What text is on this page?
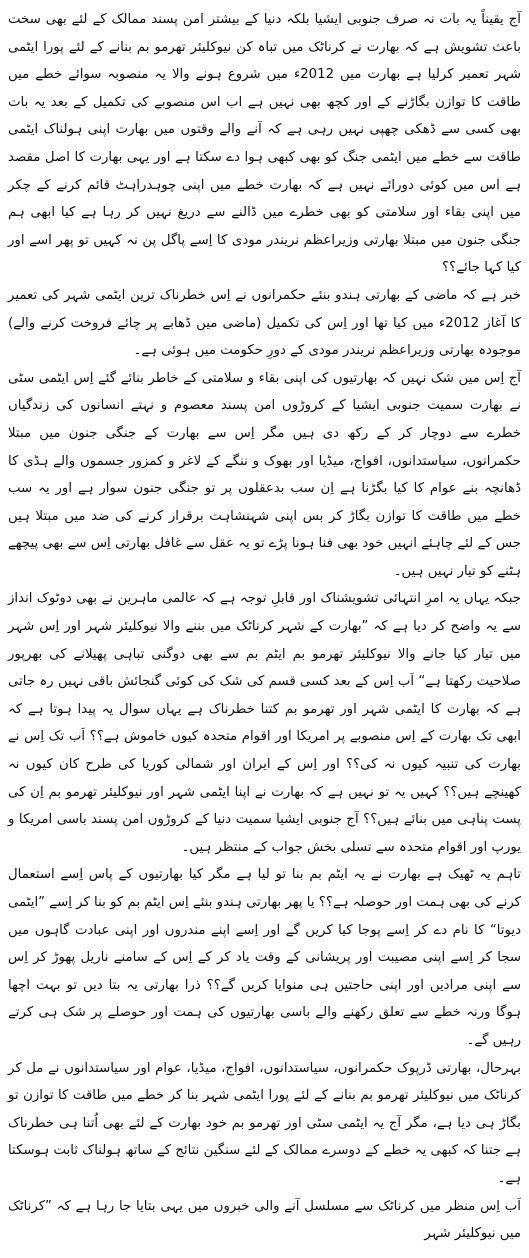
آج یقیناً یہ بات نہ صرف جنوبی ایشیا بلکہ دنیا کے بیشتر امن پسند ممالک کے لئے بھی سخت باعث تشویش ہے کہ بھارت نے کرناٹک میں تباہ کن نیوکلیئر تھرمو بم بنانے کے لئے پورا ایٹمی شہر تعمیر کرلیا ہے بھارت میں 2012ء میں شروع ہونے والا یہ منصوبہ سوائے خطے میں طاقت کا توازن بگاڑنے کے اور کچھ بھی نہیں ہے اب اس منصوبے کی تکمیل کے بعد یہ بات بھی کسی سے ڈھکی چھپی نہیں رہی ہے کہ آنے والے وقتوں میں بھارت اپنی ہولناک ایٹمی طاقت سے خطے میں ایٹمی جنگ کو بھی کبھی ہوا دے سکتا ہے اور یہی بھارت کا اصل مقصد ہے اس میں کوئی دورائے نہیں ہے کہ بھارت خطے میں اپنی چوہدراہٹ قائم کرنے کے چکر میں اپنی بقاء اور سلامتی کو بھی خطرے میں ڈالنے سے دریغ نہیں کر رہا ہے کیا ابھی ہم جنگی جنون میں مبتلا بھارتی وزیراعظم نریندر مودی کا اِسے پاگل پن نہ کہیں تو پھر اسے اور کیا کہا جائے؟؟

خبر ہے کہ ماضی کے بھارتی ہندو بنئے حکمرانوں نے اِس خطرناک ترین ایٹمی شہر کی تعمیر کا آغاز 2012ء میں کیا تھا اور اِس کی تکمیل (ماضی میں ڈھابے پر چائے فروخت کرنے والے) موجودہ بھارتی وزیراعظم نریندر مودی کے دورِ حکومت میں ہوئی ہے۔

آج اِس میں شک نہیں کہ بھارتیوں کی اپنی بقاء و سلامتی کے خاطر بنائے گئے اِس ایٹمی سٹی نے بھارت سمیت جنوبی ایشیا کے کروڑوں امن پسند معصوم و نہتے انسانوں کی زندگیاں خطرے سے دوچار کر کے رکھ دی ہیں مگر اِس سے بھارت کے جنگی جنون میں مبتلا حکمرانوں، سیاستدانوں، افواج، میڈیا اور بھوک و ننگے کے لاغر و کمزور جسموں والے ہڈی کا ڈھانچہ بنے عوام کا کیا بگڑنا ہے اِن سب بدعقلوں پر تو جنگی جنون سوار ہے اور یہ سب خطے میں طاقت کا توازن بگاڑ کر بس اپنی شہنشاہت برقرار کرنے کی ضد میں مبتلا ہیں جس کے لئے چاہئے انہیں خود بھی فنا ہونا پڑے تو یہ عقل سے غافل بھارتی اِس سے بھی پیچھے ہٹنے کو تیار نہیں ہیں۔

جبکہ یہاں یہ امرِ انتہائی تشویشناک اور قابلِ توجہ ہے کہ عالمی ماہرین نے بھی دوٹوک انداز سے یہ واضح کر دیا ہے کہ ”بھارت کے شہر کرناٹک میں بننے والا نیوکلیئر شہر اور اِس شہر میں تیار کیا جانے والا نیوکلیئر تھرمو بم ایٹم بم سے بھی دوگنی تباہی پھیلانے کی بھرپور صلاحیت رکھتا ہے“ اَب اِس کے بعد کسی قسم کی شک کی کوئی گنجائش باقی نہیں رہ جاتی ہے کہ بھارت کا ایٹمی شہر اور تھرمو بم کتنا خطرناک ہے یہاں سوال یہ پیدا ہوتا ہے کہ ابھی تک بھارت کے اِس منصوبے پر امریکا اور اقوام متحدہ کیوں خاموش ہے؟؟ اَب تک اِس نے بھارت کی تنبیہ کیوں نہ کی؟؟ اور اِس کے ایران اور شمالی کوریا کی طرح کان کیوں نہ کھینچے ہیں؟؟ کہیں یہ تو نہیں ہے کہ بھارت نے اپنا ایٹمی شہر اور نیوکلیئر تھرمو بم اِن کی پست پناہی میں بنائے ہیں؟؟ آج جنوبی ایشیا سمیت دنیا کے کروڑوں امن پسند باسی امریکا و یورپ اور اقوام متحدہ سے تسلی بخش جواب کے منتظر ہیں۔

تاہم یہ ٹھیک ہے بھارت نے یہ ایٹم بم بنا تو لیا ہے مگر کیا بھارتیوں کے پاس اِسے استعمال کرنے کی بھی ہمت اور حوصلہ ہے؟؟ یا پھر بھارتی ہندو بنئے اِس ایٹم بم کو بنا کر اِسے ”ایٹمی دیوتا“ کا نام دے کر اِسے پوجا کیا کریں گے اور اِسے اپنے مندروں اور اپنی عبادت گاہوں میں سجا کر اِسے اپنی مصیبت اور پریشانی کے وقت یاد کر کے اِس کے سامنے ناریل پھوڑ کر اِس سے اپنی مرادیں اور اپنی حاجتیں ہی منوایا کریں گے؟؟ ذرا بھارتی یہ بتا دیں تو بہت اچھا ہوگا ورنہ خطے سے تعلق رکھنے والے باسی بھارتیوں کی ہمت اور حوصلے پر شک ہی کرتے رہیں گے۔

بہرحال، بھارتی ڈرپوک حکمرانوں، سیاستدانوں، افواج، میڈیا، عوام اور سیاستدانوں نے مل کر کرناٹک میں نیوکلیئر تھرمو بم بنانے کے لئے پورا ایٹمی شہر بنا کر خطے میں طاقت کا توازن تو بگاڑ ہی دیا ہے، مگر آج یہ ایٹمی سٹی اور تھرمو بم خود بھارت کے لئے بھی اُتنا ہی خطرناک ہے جتنا کہ کبھی یہ خطے کے دوسرے ممالک کے لئے سنگین نتائج کے ساتھ ہولناک ثابت ہوسکتا ہے۔

اَب اِس منظر میں کرناٹک سے مسلسل آنے والی خبروں میں یہی بتایا جا رہا ہے کہ ”کرناٹک میں نیوکلیئر شہر
